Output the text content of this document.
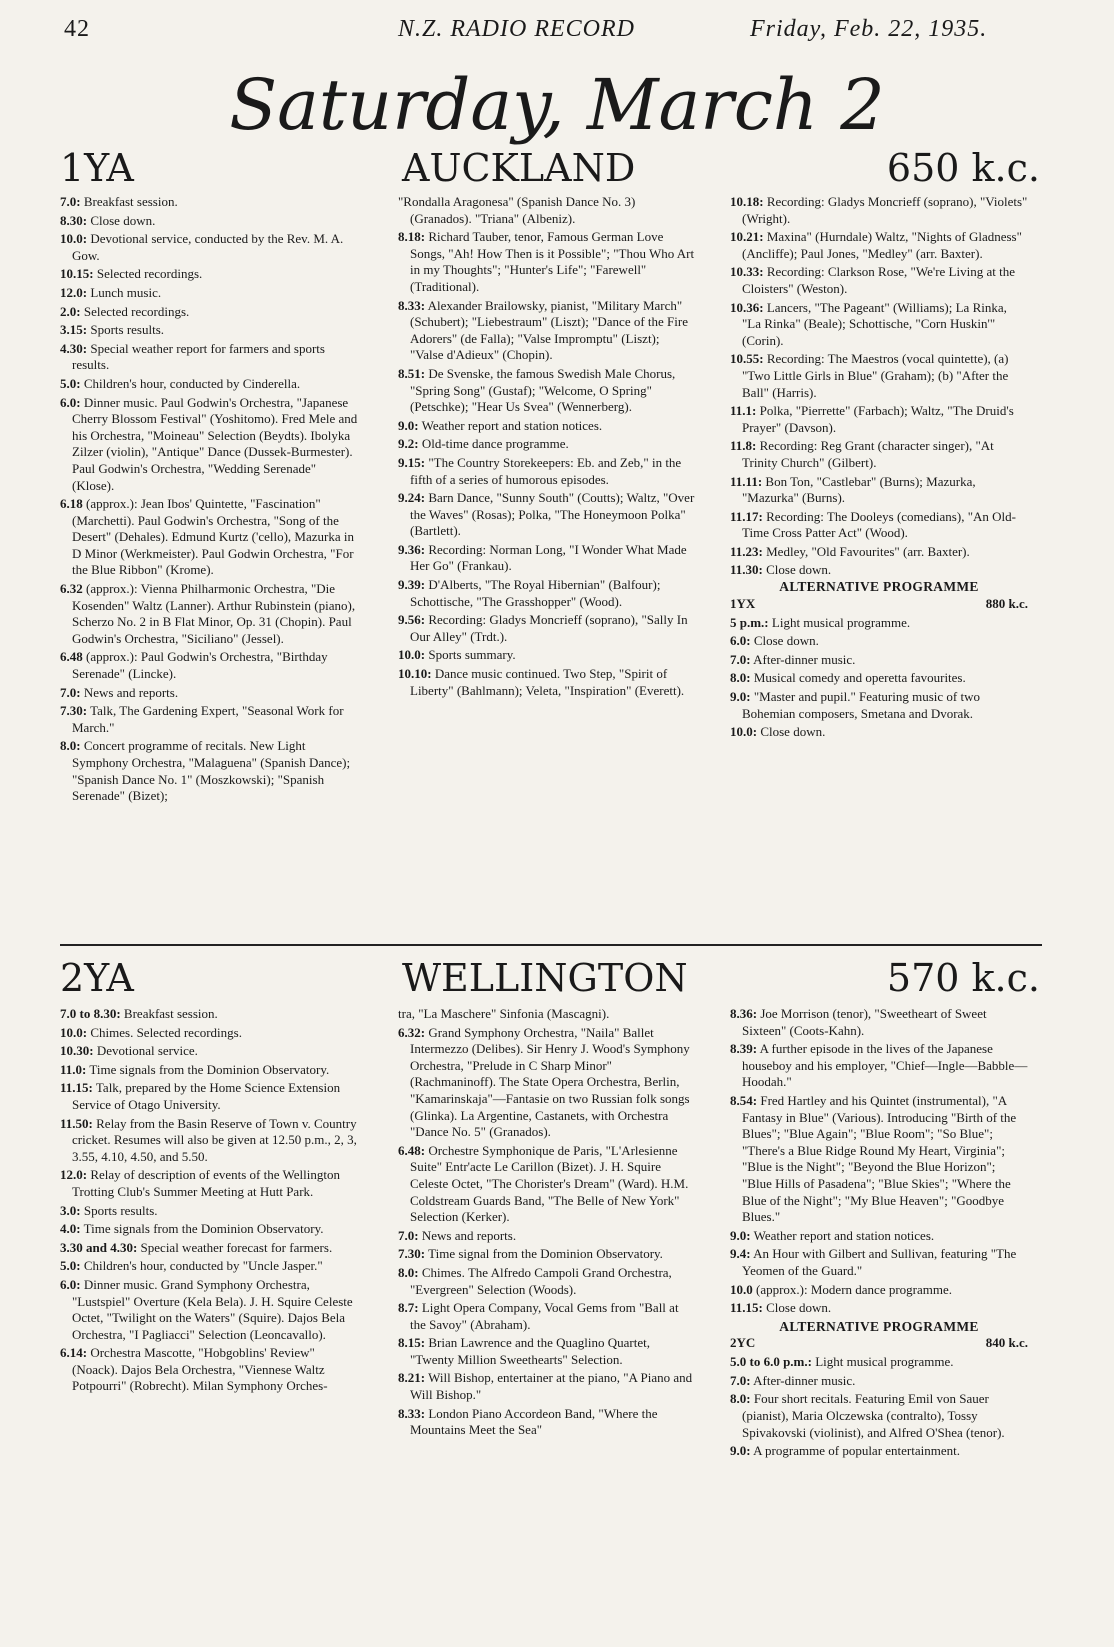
42	N.Z. RADIO RECORD	Friday, Feb. 22, 1935.
Saturday, March 2
1YA	AUCKLAND	650 k.c.

7.0: Breakfast session.

8.30: Close down.

10.0: Devotional service, conducted by the Rev. M. A. Gow.

10.15: Selected recordings.

12.0: Lunch music.

2.0: Selected recordings.

3.15: Sports results.

4.30: Special weather report for farmers and sports results.

5.0: Children's hour, conducted by Cinderella.

6.0: Dinner music. Paul Godwin's Orchestra, "Japanese Cherry Blossom Festival" (Yoshitomo). Fred Mele and his Orchestra, "Moineau" Selection (Beydts). Ibolyka Zilzer (violin), "Antique" Dance (Dussek-Burmester). Paul Godwin's Orchestra, "Wedding Serenade" (Klose).

6.18 (approx.): Jean Ibos' Quintette, "Fascination" (Marchetti). Paul Godwin's Orchestra, "Song of the Desert" (Dehales). Edmund Kurtz ('cello), Mazurka in D Minor (Werkmeister). Paul Godwin Orchestra, "For the Blue Ribbon" (Krome).

6.32 (approx.): Vienna Philharmonic Orchestra, "Die Kosenden" Waltz (Lanner). Arthur Rubinstein (piano), Scherzo No. 2 in B Flat Minor, Op. 31 (Chopin). Paul Godwin's Orchestra, "Siciliano" (Jessel).

6.48 (approx.): Paul Godwin's Orchestra, "Birthday Serenade" (Lincke).

7.0: News and reports.

7.30: Talk, The Gardening Expert, "Seasonal Work for March."

8.0: Concert programme of recitals. New Light Symphony Orchestra, "Malaguena" (Spanish Dance); "Spanish Dance No. 1" (Moszkowski); "Spanish Serenade" (Bizet);

"Rondalla Aragonesa" (Spanish Dance No. 3) (Granados). "Triana" (Albeniz).

8.18: Richard Tauber, tenor, Famous German Love Songs, "Ah! How Then is it Possible"; "Thou Who Art in my Thoughts"; "Hunter's Life"; "Farewell" (Traditional).

8.33: Alexander Brailowsky, pianist, "Military March" (Schubert); "Liebestraum" (Liszt); "Dance of the Fire Adorers" (de Falla); "Valse Impromptu" (Liszt); "Valse d'Adieux" (Chopin).

8.51: De Svenske, the famous Swedish Male Chorus, "Spring Song" (Gustaf); "Welcome, O Spring" (Petschke); "Hear Us Svea" (Wennerberg).

9.0: Weather report and station notices.

9.2: Old-time dance programme.

9.15: "The Country Storekeepers: Eb. and Zeb," in the fifth of a series of humorous episodes.

9.24: Barn Dance, "Sunny South" (Coutts); Waltz, "Over the Waves" (Rosas); Polka, "The Honeymoon Polka" (Bartlett).

9.36: Recording: Norman Long, "I Wonder What Made Her Go" (Frankau).

9.39: D'Alberts, "The Royal Hibernian" (Balfour); Schottische, "The Grasshopper" (Wood).

9.56: Recording: Gladys Moncrieff (soprano), "Sally In Our Alley" (Trdt.).

10.0: Sports summary.

10.10: Dance music continued. Two Step, "Spirit of Liberty" (Bahlmann); Veleta, "Inspiration" (Everett).

10.18: Recording: Gladys Moncrieff (soprano), "Violets" (Wright).

10.21: Maxina" (Hurndale) Waltz, "Nights of Gladness" (Ancliffe); Paul Jones, "Medley" (arr. Baxter).

10.33: Recording: Clarkson Rose, "We're Living at the Cloisters" (Weston).

10.36: Lancers, "The Pageant" (Williams); La Rinka, "La Rinka" (Beale); Schottische, "Corn Huskin'" (Corin).

10.55: Recording: The Maestros (vocal quintette), (a) "Two Little Girls in Blue" (Graham); (b) "After the Ball" (Harris).

11.1: Polka, "Pierrette" (Farbach); Waltz, "The Druid's Prayer" (Davson).

11.8: Recording: Reg Grant (character singer), "At Trinity Church" (Gilbert).

11.11: Bon Ton, "Castlebar" (Burns); Mazurka, "Mazurka" (Burns).

11.17: Recording: The Dooleys (comedians), "An Old-Time Cross Patter Act" (Wood).

11.23: Medley, "Old Favourites" (arr. Baxter).

11.30: Close down.

ALTERNATIVE PROGRAMME

1YX	880 k.c.

5 p.m.: Light musical programme.

6.0: Close down.

7.0: After-dinner music.

8.0: Musical comedy and operetta favourites.

9.0: "Master and pupil." Featuring music of two Bohemian composers, Smetana and Dvorak.

10.0: Close down.

2YA	WELLINGTON	570 k.c.

7.0 to 8.30: Breakfast session.

10.0: Chimes. Selected recordings.

10.30: Devotional service.

11.0: Time signals from the Dominion Observatory.

11.15: Talk, prepared by the Home Science Extension Service of Otago University.

11.50: Relay from the Basin Reserve of Town v. Country cricket. Resumes will also be given at 12.50 p.m., 2, 3, 3.55, 4.10, 4.50, and 5.50.

12.0: Relay of description of events of the Wellington Trotting Club's Summer Meeting at Hutt Park.

3.0: Sports results.

4.0: Time signals from the Dominion Observatory.

3.30 and 4.30: Special weather forecast for farmers.

5.0: Children's hour, conducted by "Uncle Jasper."

6.0: Dinner music. Grand Symphony Orchestra, "Lustspiel" Overture (Kela Bela). J. H. Squire Celeste Octet, "Twilight on the Waters" (Squire). Dajos Bela Orchestra, "I Pagliacci" Selection (Leoncavallo).

6.14: Orchestra Mascotte, "Hobgoblins' Review" (Noack). Dajos Bela Orchestra, "Viennese Waltz Potpourri" (Robrecht). Milan Symphony Orches-

tra, "La Maschere" Sinfonia (Mascagni).

6.32: Grand Symphony Orchestra, "Naila" Ballet Intermezzo (Delibes). Sir Henry J. Wood's Symphony Orchestra, "Prelude in C Sharp Minor" (Rachmaninoff). The State Opera Orchestra, Berlin, "Kamarinskaja"—Fantasie on two Russian folk songs (Glinka). La Argentine, Castanets, with Orchestra "Dance No. 5" (Granados).

6.48: Orchestre Symphonique de Paris, "L'Arlesienne Suite" Entr'acte Le Carillon (Bizet). J. H. Squire Celeste Octet, "The Chorister's Dream" (Ward). H.M. Coldstream Guards Band, "The Belle of New York" Selection (Kerker).

7.0: News and reports.

7.30: Time signal from the Dominion Observatory.

8.0: Chimes. The Alfredo Campoli Grand Orchestra, "Evergreen" Selection (Woods).

8.7: Light Opera Company, Vocal Gems from "Ball at the Savoy" (Abraham).

8.15: Brian Lawrence and the Quaglino Quartet, "Twenty Million Sweethearts" Selection.

8.21: Will Bishop, entertainer at the piano, "A Piano and Will Bishop."

8.33: London Piano Accordeon Band, "Where the Mountains Meet the Sea"

8.36: Joe Morrison (tenor), "Sweetheart of Sweet Sixteen" (Coots-Kahn).

8.39: A further episode in the lives of the Japanese houseboy and his employer, "Chief—Ingle—Babble—Hoodah."

8.54: Fred Hartley and his Quintet (instrumental), "A Fantasy in Blue" (Various). Introducing "Birth of the Blues"; "Blue Again"; "Blue Room"; "So Blue"; "There's a Blue Ridge Round My Heart, Virginia"; "Blue is the Night"; "Beyond the Blue Horizon"; "Blue Hills of Pasadena"; "Blue Skies"; "Where the Blue of the Night"; "My Blue Heaven"; "Goodbye Blues."

9.0: Weather report and station notices.

9.4: An Hour with Gilbert and Sullivan, featuring "The Yeomen of the Guard."

10.0 (approx.): Modern dance programme.

11.15: Close down.

ALTERNATIVE PROGRAMME

2YC	840 k.c.

5.0 to 6.0 p.m.: Light musical programme.

7.0: After-dinner music.

8.0: Four short recitals. Featuring Emil von Sauer (pianist), Maria Olczewska (contralto), Tossy Spivakovski (violinist), and Alfred O'Shea (tenor).

9.0: A programme of popular entertainment.
